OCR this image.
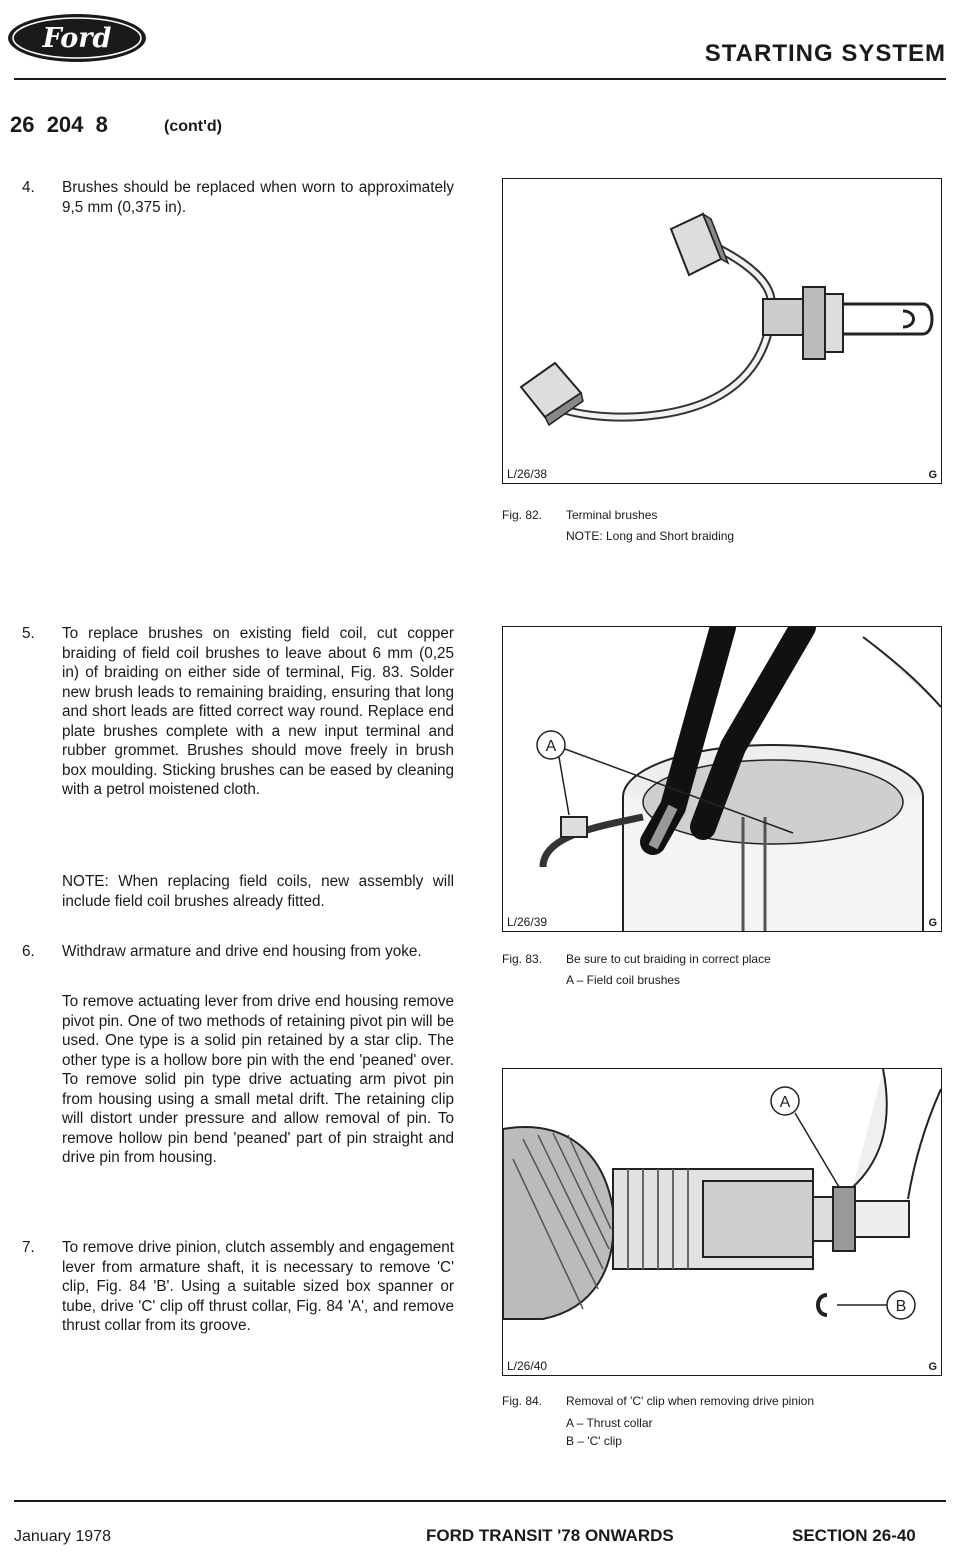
Ford	STARTING SYSTEM
26  204  8	(cont'd)
4. Brushes should be replaced when worn to approximately 9,5 mm (0,375 in).
5. To replace brushes on existing field coil, cut copper braiding of field coil brushes to leave about 6 mm (0,25 in) of braiding on either side of terminal, Fig. 83. Solder new brush leads to remaining braiding, ensuring that long and short leads are fitted correct way round. Replace end plate brushes complete with a new input terminal and rubber grommet. Brushes should move freely in brush box moulding. Sticking brushes can be eased by cleaning with a petrol moistened cloth.
NOTE: When replacing field coils, new assembly will include field coil brushes already fitted.
6. Withdraw armature and drive end housing from yoke.
To remove actuating lever from drive end housing remove pivot pin. One of two methods of retaining pivot pin will be used. One type is a solid pin retained by a star clip. The other type is a hollow bore pin with the end 'peaned' over. To remove solid pin type drive actuating arm pivot pin from housing using a small metal drift. The retaining clip will distort under pressure and allow removal of pin. To remove hollow pin bend 'peaned' part of pin straight and drive pin from housing.
7. To remove drive pinion, clutch assembly and engagement lever from armature shaft, it is necessary to remove 'C' clip, Fig. 84 'B'. Using a suitable sized box spanner or tube, drive 'C' clip off thrust collar, Fig. 84 'A', and remove thrust collar from its groove.
L/26/38	G
Fig. 82. Terminal brushes
NOTE: Long and Short braiding
A
L/26/39	G
Fig. 83. Be sure to cut braiding in correct place
A – Field coil brushes
A
B
L/26/40	G
Fig. 84. Removal of 'C' clip when removing drive pinion
A – Thrust collar
B – 'C' clip
January 1978	FORD TRANSIT '78 ONWARDS	SECTION 26-40
